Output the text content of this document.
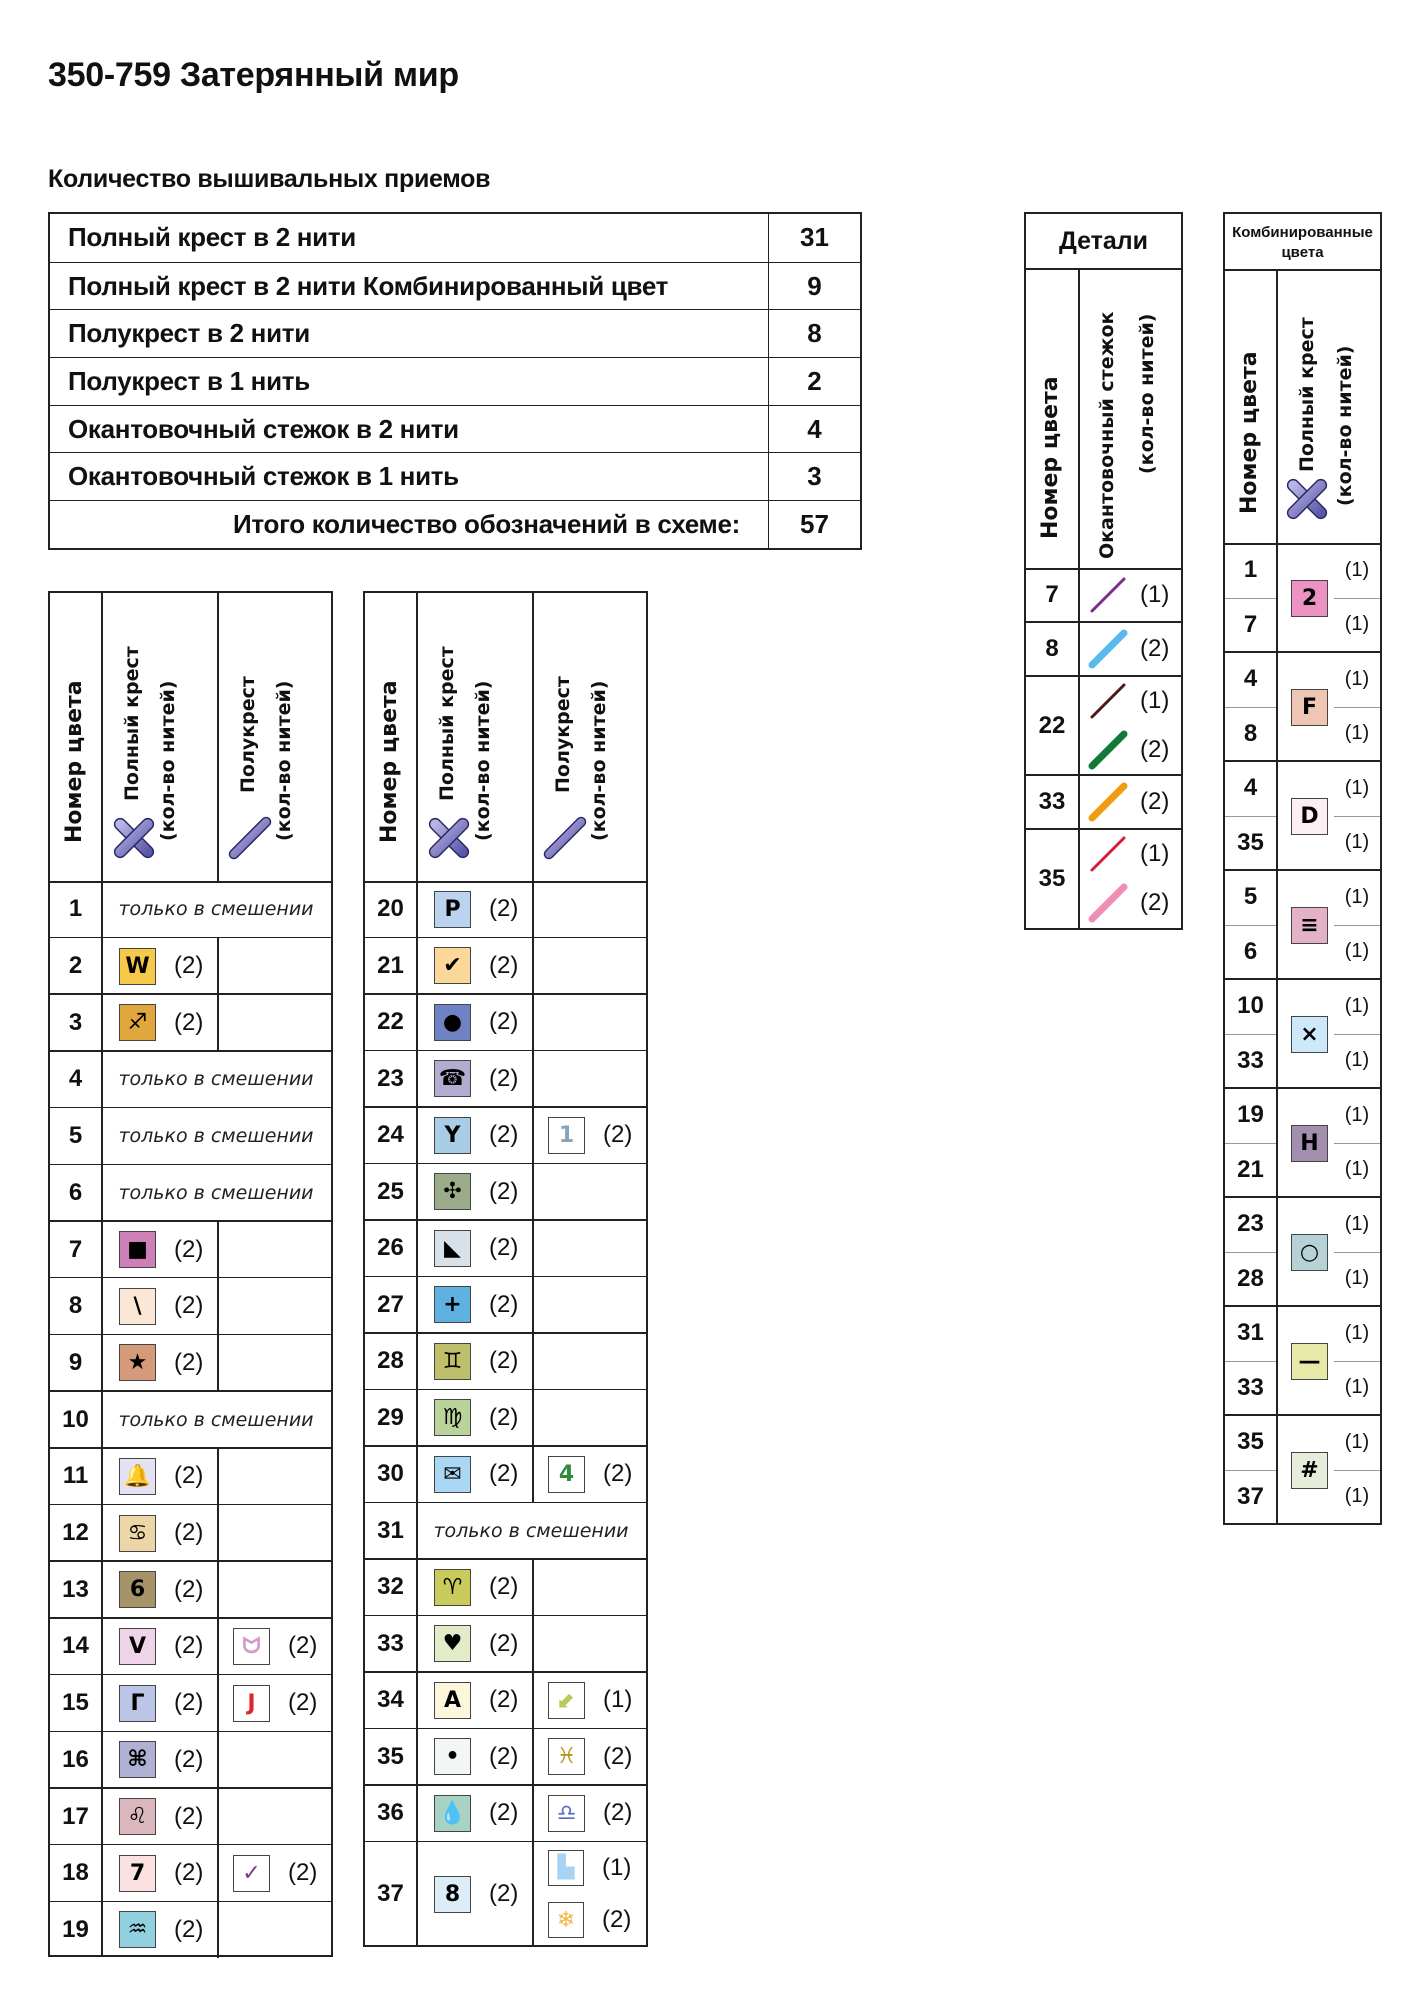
350-759 Затерянный мир
Количество вышивальных приемов
Полный крест в 2 нити	31
Полный крест в 2 нити Комбинированный цвет	9
Полукрест в 2 нити	8
Полукрест в 1 нить	2
Окантовочный стежок в 2 нити	4
Окантовочный стежок в 1 нить	3
Итого количество обозначений в схеме:	57
Номер цвета Полный крест (кол-во нитей)	Полукрест (кол-во нитей)
1	только в смешении
2	W (2)
3	♐	(2)
4	только в смешении
5	только в смешении
6	только в смешении
7	■	(2)
8	\	(2)
9	★	(2)
10	только в смешении
11	🔔 (2)
12	♋	(2)
13	6	(2)
14	V	(2)	ᗢ	(2)
15	Г	(2)	J	(2)
16	⌘	(2)
17	♌	(2)
18	7	(2)	✓	(2)
19	♒	(2)
Номер цвета Полный крест (кол-во нитей)	Полукрест (кол-во нитей)
20	P	(2)
21	✔	(2)
22	●	(2)
23	☎ (2)
24	Y	(2)	1	(2)
25	✣	(2)
26	◣	(2)
27	+	(2)
28	♊	(2)
29	♍	(2)
30	✉	(2)	4	(2)
31	только в смешении
32	♈	(2)
33	♥	(2)
34	A	(2)	⬋	(1)
35	•	(2)	♓	(2)
36	💧 (2)	♎	(2)
37	8	(2)
▙	(1)
❄	(2)
Детали
Номер цвета Окантовочный стежок (кол-во нитей)
7	(1)
8	(2)
22
(1)
(2)
33	(2)
35
(1)
(2)
Комбинированные цвета
Номер цвета Полный крест (кол-во нитей)
1	(1)
7	(1)
2
4	(1)
8	(1)
F
4	(1)
35	(1)
D
5	(1)
6	(1)
≡
10	(1)
33	(1)
×
19	(1)
21	(1)
H
23	(1)
28	(1)
○
31	(1)
33	(1)
—
35	(1)
37	(1)
#
